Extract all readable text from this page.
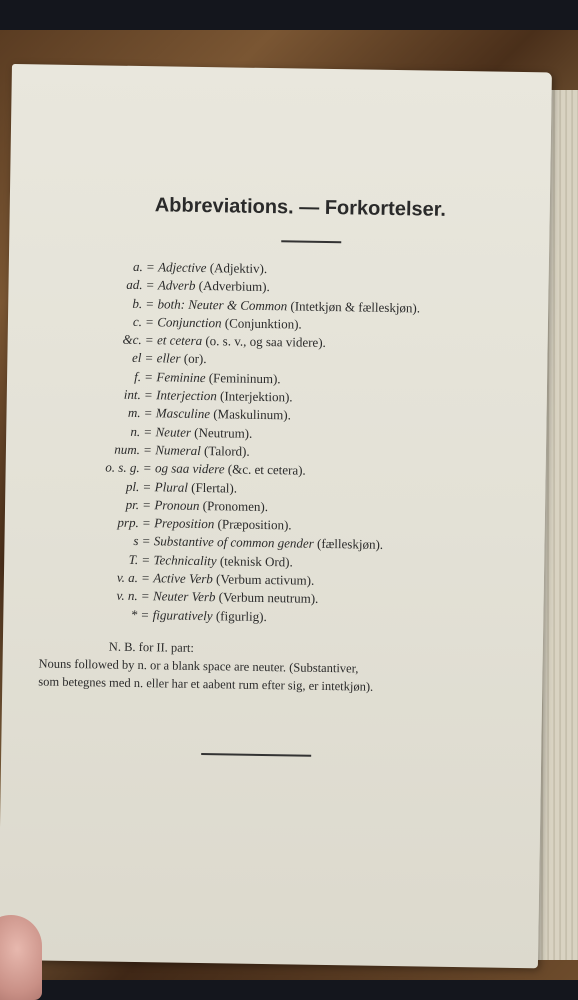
Abbreviations. — Forkortelser.
a. = Adjective (Adjektiv).
ad. = Adverb (Adverbium).
b. = both: Neuter & Common (Intetkjøn & fælleskjøn).
c. = Conjunction (Conjunktion).
&c. = et cetera (o. s. v., og saa videre).
el = eller (or).
f. = Feminine (Femininum).
int. = Interjection (Interjektion).
m. = Masculine (Maskulinum).
n. = Neuter (Neutrum).
num. = Numeral (Talord).
o. s. g. = og saa videre (&c. et cetera).
pl. = Plural (Flertal).
pr. = Pronoun (Pronomen).
prp. = Preposition (Præposition).
s = Substantive of common gender (fælleskjøn).
T. = Technicality (teknisk Ord).
v. a. = Active Verb (Verbum activum).
v. n. = Neuter Verb (Verbum neutrum).
* = figuratively (figurlig).
N. B. for II. part:
Nouns followed by n. or a blank space are neuter. (Substantiver,
som betegnes med n. eller har et aabent rum efter sig, er intetkjøn).
